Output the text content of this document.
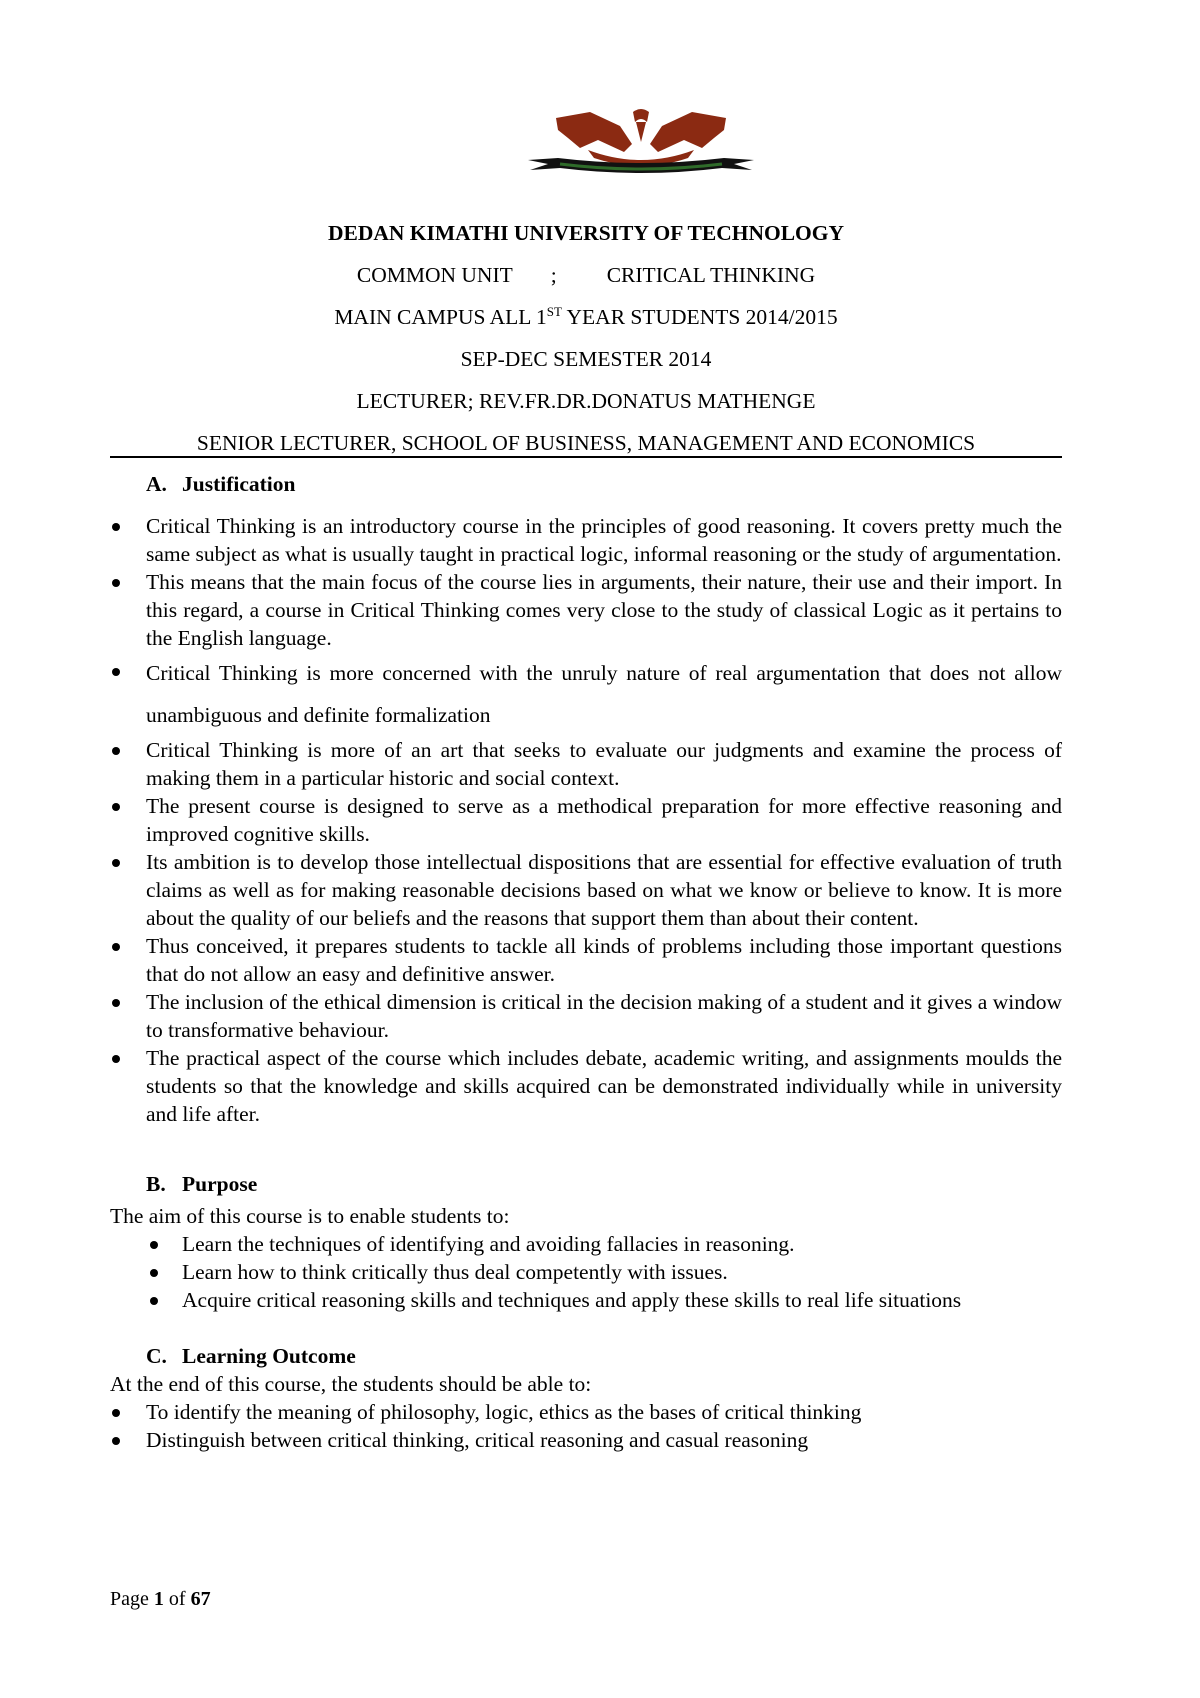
DEDAN KIMATHI UNIVERSITY OF TECHNOLOGY
COMMON UNIT ; CRITICAL THINKING
MAIN CAMPUS ALL 1ST YEAR STUDENTS 2014/2015
SEP-DEC SEMESTER 2014
LECTURER; REV.FR.DR.DONATUS MATHENGE
SENIOR LECTURER, SCHOOL OF BUSINESS, MANAGEMENT AND ECONOMICS
A. Justification
Critical Thinking is an introductory course in the principles of good reasoning. It covers pretty much the same subject as what is usually taught in practical logic, informal reasoning or the study of argumentation.
This means that the main focus of the course lies in arguments, their nature, their use and their import. In this regard, a course in Critical Thinking comes very close to the study of classical Logic as it pertains to the English language.
Critical Thinking is more concerned with the unruly nature of real argumentation that does not allow unambiguous and definite formalization
Critical Thinking is more of an art that seeks to evaluate our judgments and examine the process of making them in a particular historic and social context.
The present course is designed to serve as a methodical preparation for more effective reasoning and improved cognitive skills.
Its ambition is to develop those intellectual dispositions that are essential for effective evaluation of truth claims as well as for making reasonable decisions based on what we know or believe to know. It is more about the quality of our beliefs and the reasons that support them than about their content.
Thus conceived, it prepares students to tackle all kinds of problems including those important questions that do not allow an easy and definitive answer.
The inclusion of the ethical dimension is critical in the decision making of a student and it gives a window to transformative behaviour.
The practical aspect of the course which includes debate, academic writing, and assignments moulds the students so that the knowledge and skills acquired can be demonstrated individually while in university and life after.
B. Purpose

The aim of this course is to enable students to:

Learn the techniques of identifying and avoiding fallacies in reasoning.
Learn how to think critically thus deal competently with issues.
Acquire critical reasoning skills and techniques and apply these skills to real life situations
C. Learning Outcome

At the end of this course, the students should be able to:

To identify the meaning of philosophy, logic, ethics as the bases of critical thinking
Distinguish between critical thinking, critical reasoning and casual reasoning
Page 1 of 67
